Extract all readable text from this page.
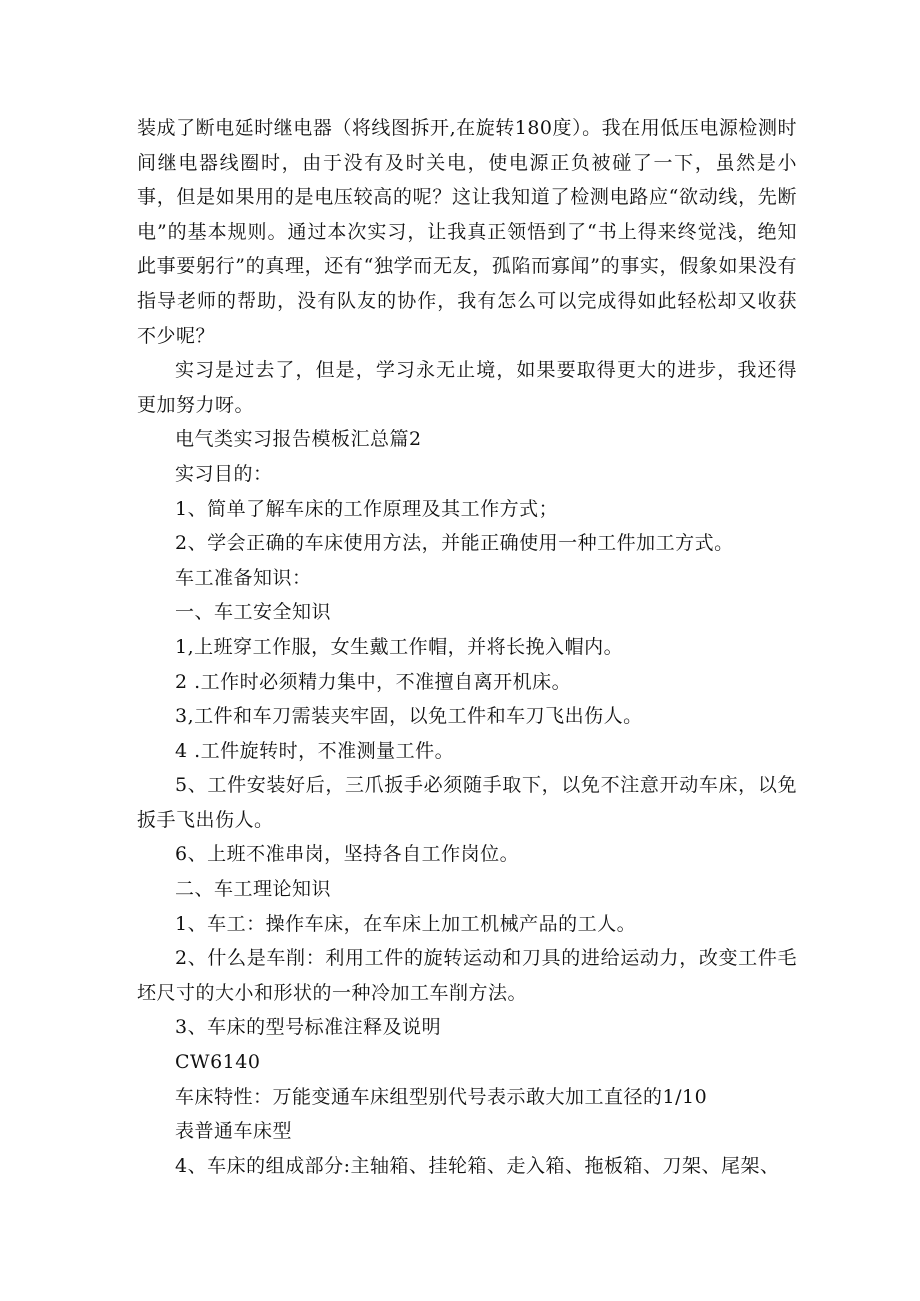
装成了断电延时继电器（将线图拆开,在旋转180度）。我在用低压电源检测时间继电器线圈时，由于没有及时关电，使电源正负被碰了一下，虽然是小事，但是如果用的是电压较高的呢？这让我知道了检测电路应“欲动线，先断电”的基本规则。通过本次实习，让我真正领悟到了“书上得来终觉浅，绝知此事要躬行”的真理，还有“独学而无友，孤陷而寡闻”的事实，假象如果没有指导老师的帮助，没有队友的协作，我有怎么可以完成得如此轻松却又收获不少呢？

实习是过去了，但是，学习永无止境，如果要取得更大的进步，我还得更加努力呀。

电气类实习报告模板汇总篇2

实习目的：

1、简单了解车床的工作原理及其工作方式；

2、学会正确的车床使用方法，并能正确使用一种工件加工方式。

车工准备知识：

一、车工安全知识

1,上班穿工作服，女生戴工作帽，并将长挽入帽内。

2 .工作时必须精力集中，不准擅自离开机床。

3,工件和车刀需装夹牢固，以免工件和车刀飞出伤人。

4 .工件旋转时，不准测量工件。

5、工件安装好后，三爪扳手必须随手取下，以免不注意开动车床，以免扳手飞出伤人。

6、上班不准串岗，坚持各自工作岗位。

二、车工理论知识

1、车工：操作车床，在车床上加工机械产品的工人。

2、什么是车削：利用工件的旋转运动和刀具的进给运动力，改变工件毛坯尺寸的大小和形状的一种冷加工车削方法。

3、车床的型号标准注释及说明

CW6140

车床特性：万能变通车床组型别代号表示敢大加工直径的1/10

表普通车床型

4、车床的组成部分:主轴箱、挂轮箱、走入箱、拖板箱、刀架、尾架、
